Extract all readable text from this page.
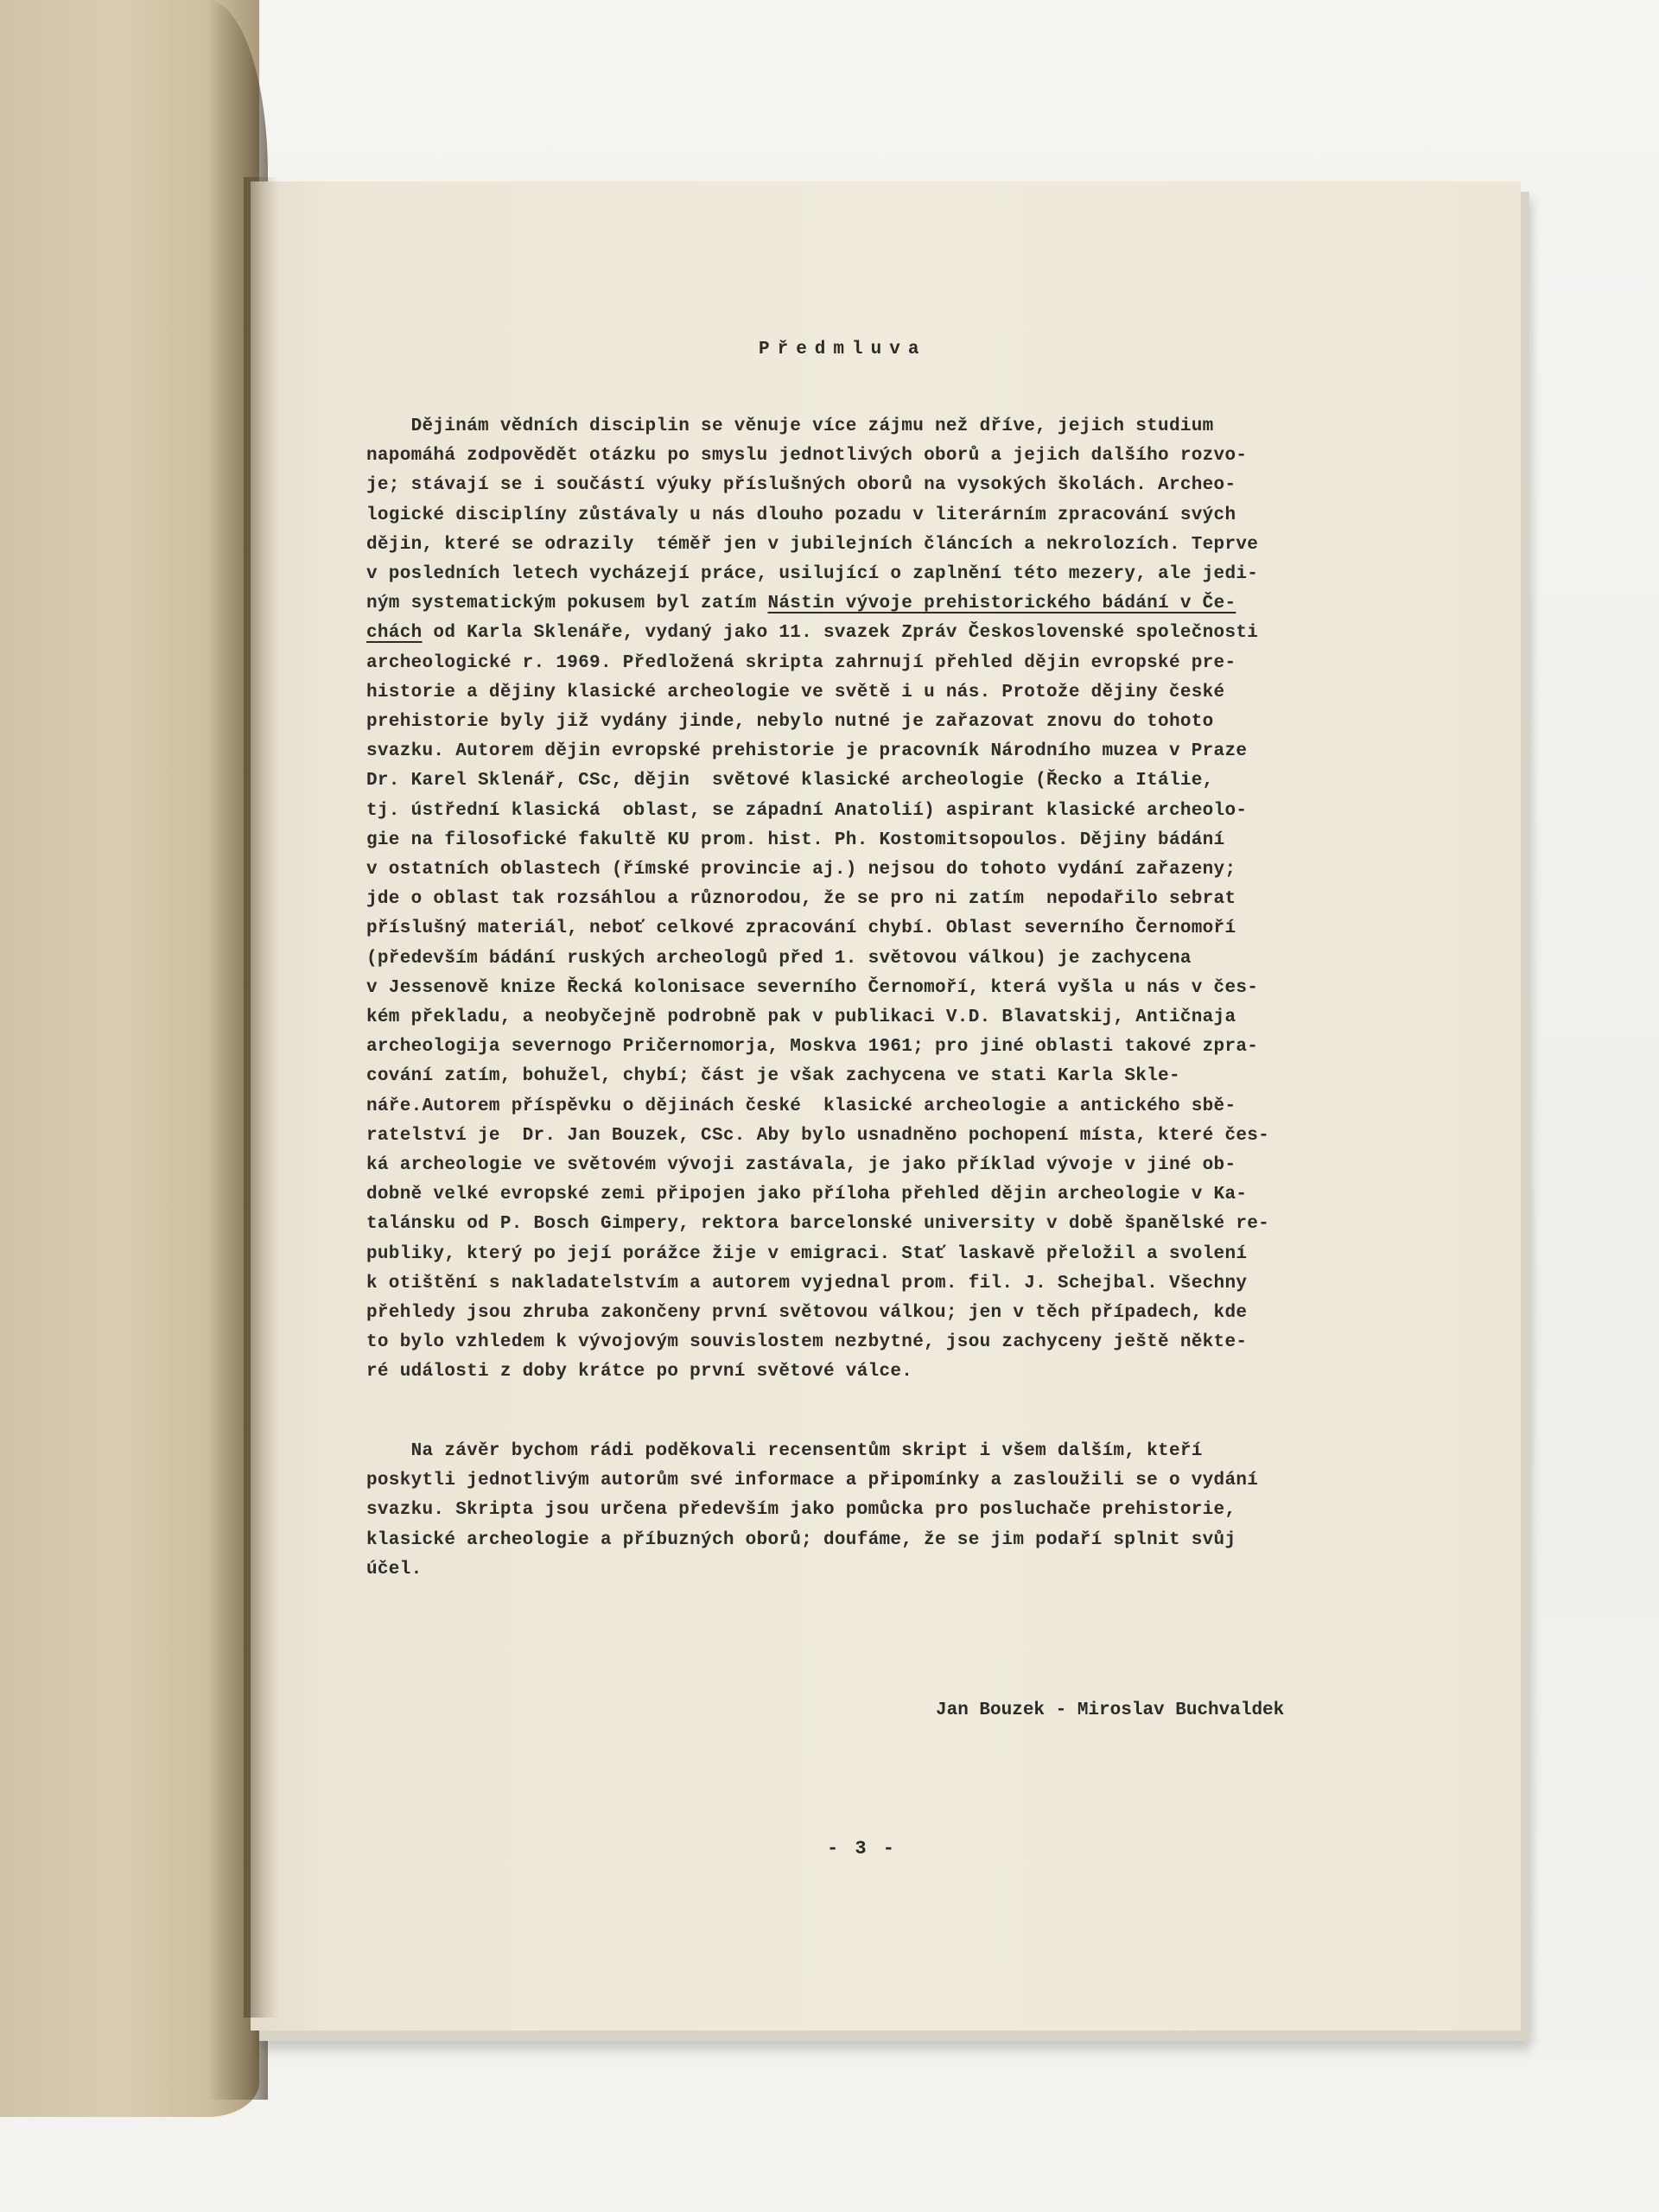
Předmluva
Dějinám vědních disciplin se věnuje více zájmu než dříve, jejich studium
napomáhá zodpovědět otázku po smyslu jednotlivých oborů a jejich dalšího rozvo-
je; stávají se i součástí výuky příslušných oborů na vysokých školách. Archeo-
logické disciplíny zůstávaly u nás dlouho pozadu v literárním zpracování svých
dějin, které se odrazily  téměř jen v jubilejních článcích a nekrolozích. Teprve
v posledních letech vycházejí práce, usilující o zaplnění této mezery, ale jedi-
ným systematickým pokusem byl zatím Nástin vývoje prehistorického bádání v Če-
chách od Karla Sklenáře, vydaný jako 11. svazek Zpráv Československé společnosti
archeologické r. 1969. Předložená skripta zahrnují přehled dějin evropské pre-
historie a dějiny klasické archeologie ve světě i u nás. Protože dějiny české
prehistorie byly již vydány jinde, nebylo nutné je zařazovat znovu do tohoto
svazku. Autorem dějin evropské prehistorie je pracovník Národního muzea v Praze
Dr. Karel Sklenář, CSc, dějin  světové klasické archeologie (Řecko a Itálie,
tj. ústřední klasická  oblast, se západní Anatolií) aspirant klasické archeolo-
gie na filosofické fakultě KU prom. hist. Ph. Kostomitsopoulos. Dějiny bádání
v ostatních oblastech (římské provincie aj.) nejsou do tohoto vydání zařazeny;
jde o oblast tak rozsáhlou a různorodou, že se pro ni zatím  nepodařilo sebrat
příslušný materiál, neboť celkové zpracování chybí. Oblast severního Černomoří
(především bádání ruských archeologů před 1. světovou válkou) je zachycena
v Jessenově knize Řecká kolonisace severního Černomoří, která vyšla u nás v čes-
kém překladu, a neobyčejně podrobně pak v publikaci V.D. Blavatskij, Antičnaja
archeologija severnogo Pričernomorja, Moskva 1961; pro jiné oblasti takové zpra-
cování zatím, bohužel, chybí; část je však zachycena ve stati Karla Skle-
náře.Autorem příspěvku o dějinách české  klasické archeologie a antického sbě-
ratelství je  Dr. Jan Bouzek, CSc. Aby bylo usnadněno pochopení místa, které čes-
ká archeologie ve světovém vývoji zastávala, je jako příklad vývoje v jiné ob-
dobně velké evropské zemi připojen jako příloha přehled dějin archeologie v Ka-
talánsku od P. Bosch Gimpery, rektora barcelonské university v době španělské re-
publiky, který po její porážce žije v emigraci. Stať laskavě přeložil a svolení
k otištění s nakladatelstvím a autorem vyjednal prom. fil. J. Schejbal. Všechny
přehledy jsou zhruba zakončeny první světovou válkou; jen v těch případech, kde
to bylo vzhledem k vývojovým souvislostem nezbytné, jsou zachyceny ještě někte-
ré události z doby krátce po první světové válce.
Na závěr bychom rádi poděkovali recensentům skript i všem dalším, kteří
poskytli jednotlivým autorům své informace a připomínky a zasloužili se o vydání
svazku. Skripta jsou určena především jako pomůcka pro posluchače prehistorie,
klasické archeologie a příbuzných oborů; doufáme, že se jim podaří splnit svůj
účel.
Jan Bouzek - Miroslav Buchvaldek
- 3 -
